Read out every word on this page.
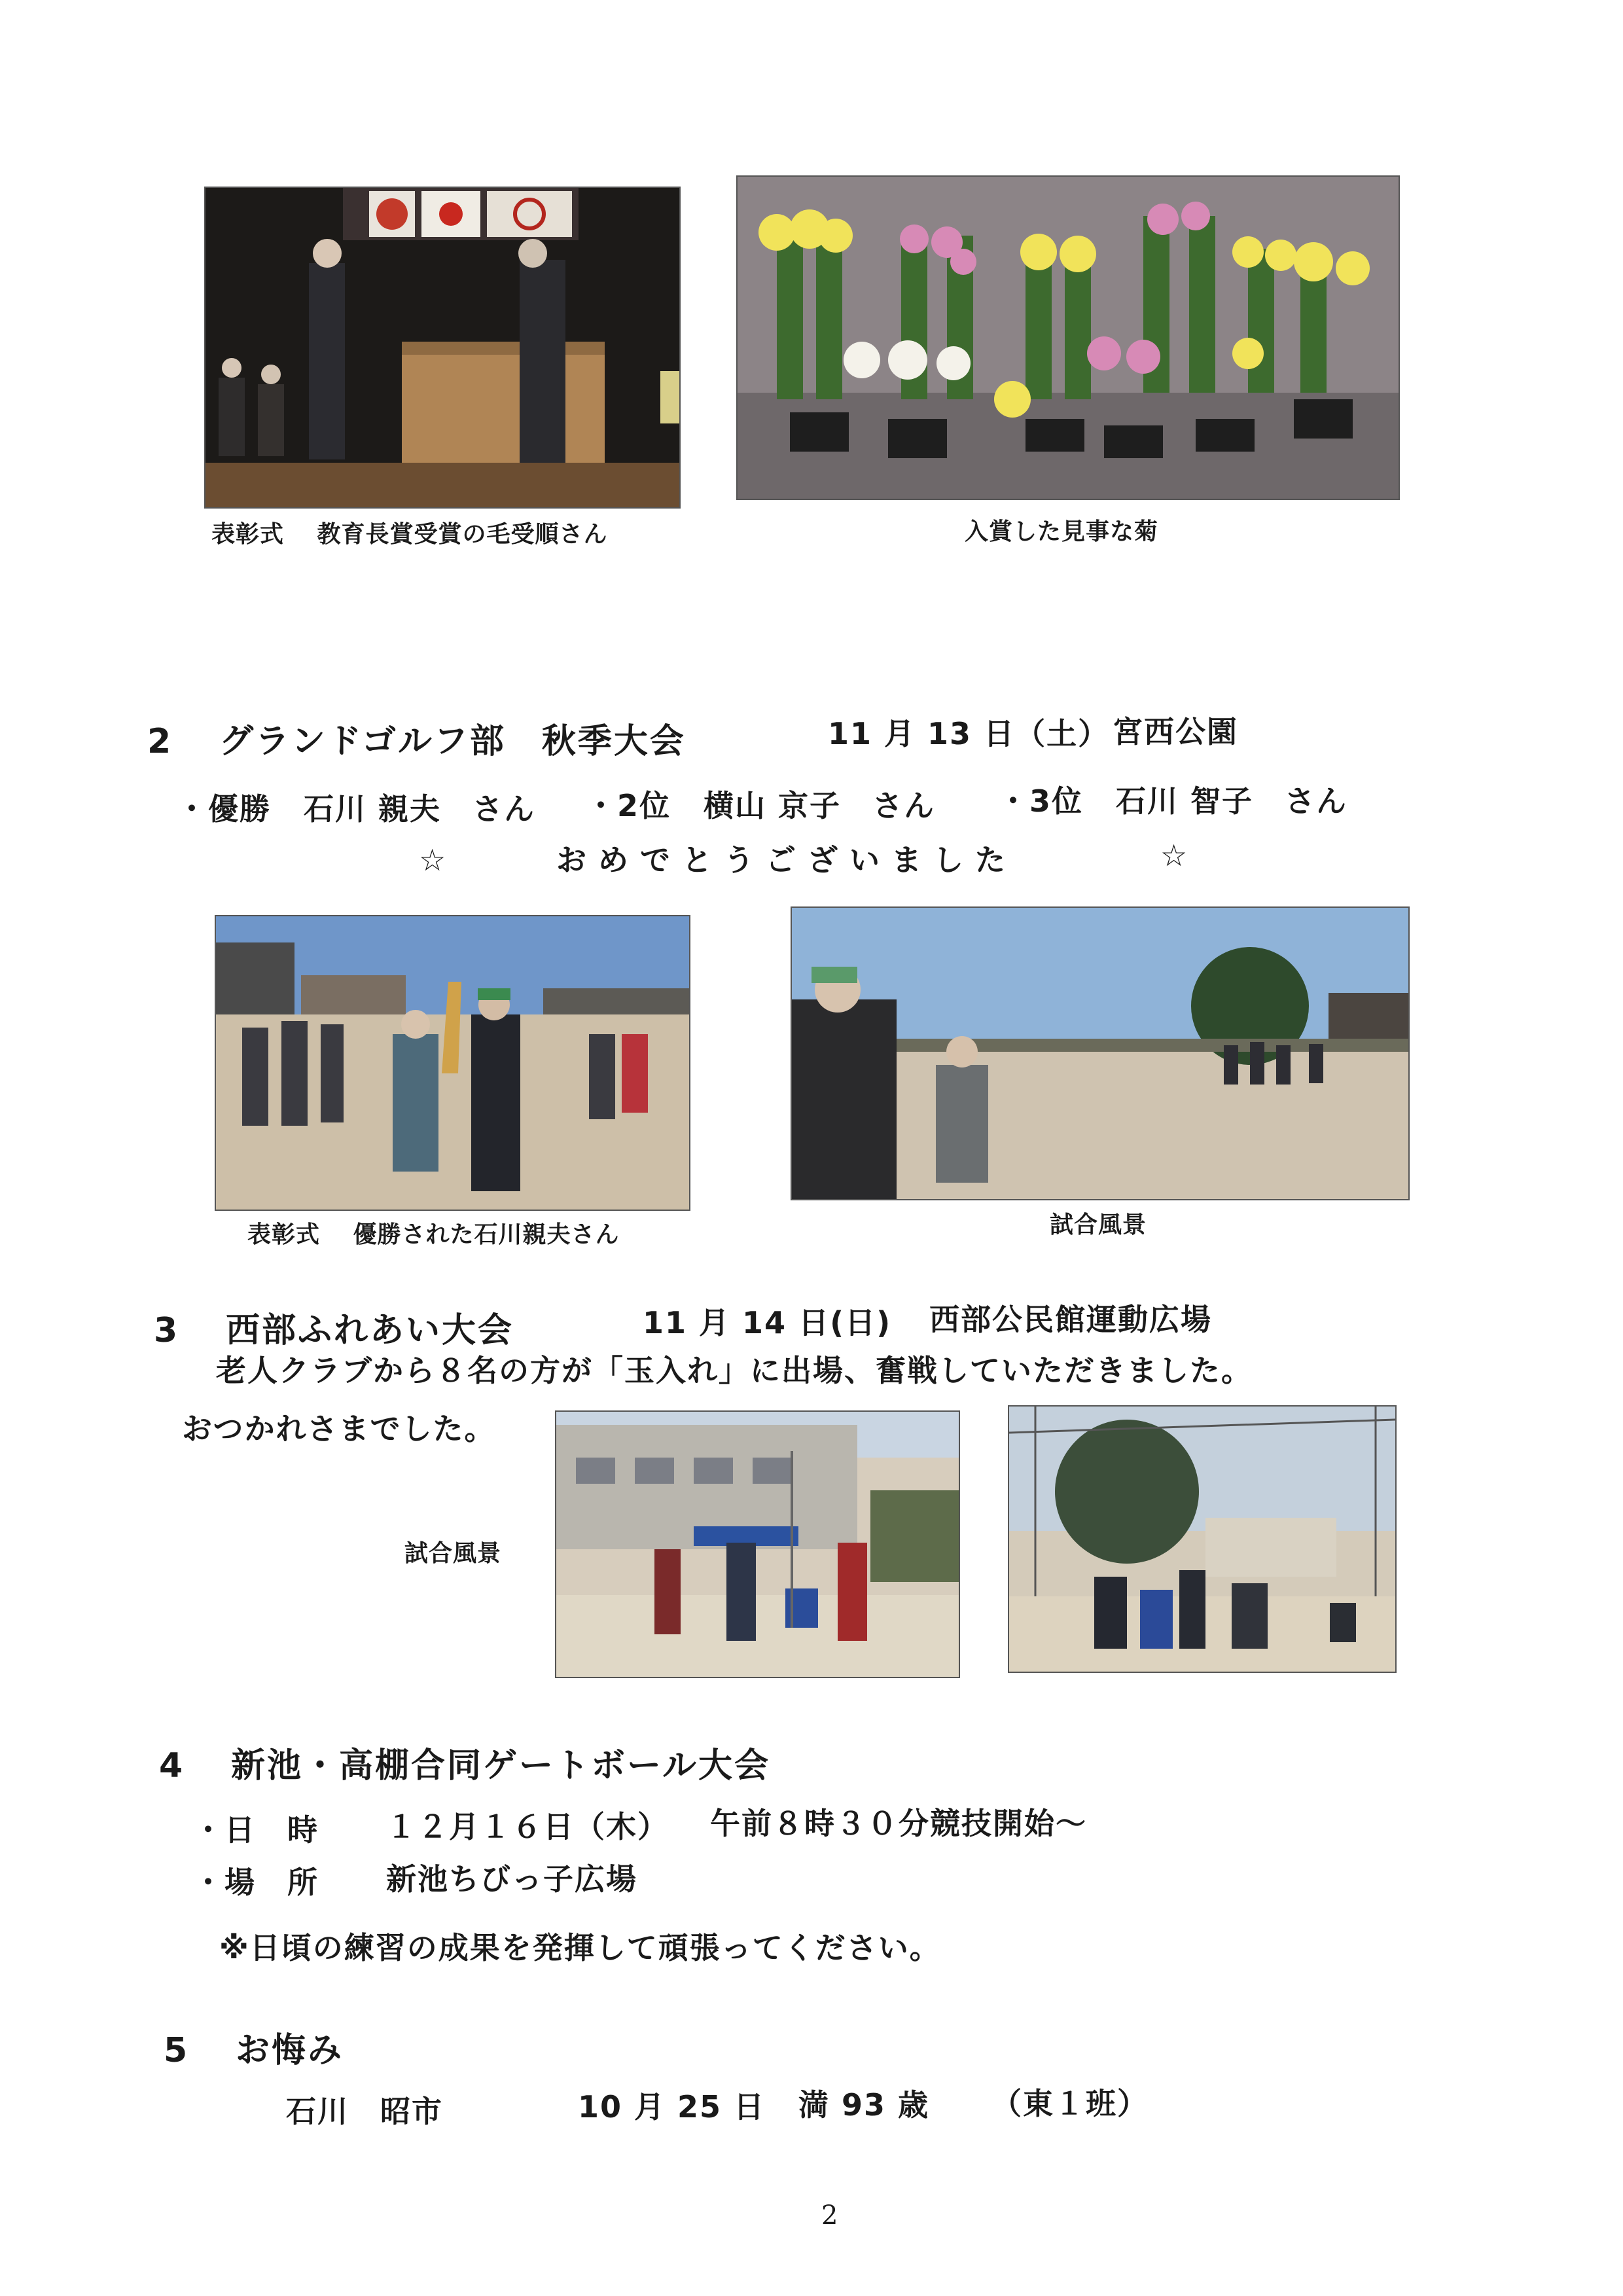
表彰式　 教育長賞受賞の毛受順さん	入賞した見事な菊
2 グランドゴルフ部　秋季大会	11 月 13 日（土） 宮西公園
・優勝 石川 親夫　さん ・2位 横山 京子　さん ・3位 石川 智子　さん
☆	おめでとうございました	☆
表彰式　 優勝された石川親夫さん	試合風景
3 西部ふれあい大会	11 月 14 日(日) 西部公民館運動広場
老人クラブから８名の方が「玉入れ」に出場、奮戦していただきました。
おつかれさまでした。
試合風景
4 新池・高棚合同ゲートボール大会
・日　時 １２月１６日（木） 午前８時３０分競技開始～
・場　所 新池ちびっ子広場
※日頃の練習の成果を発揮して頑張ってください。
5 お悔み
石川　昭市	10 月 25 日 満 93 歳 （東１班）
2
